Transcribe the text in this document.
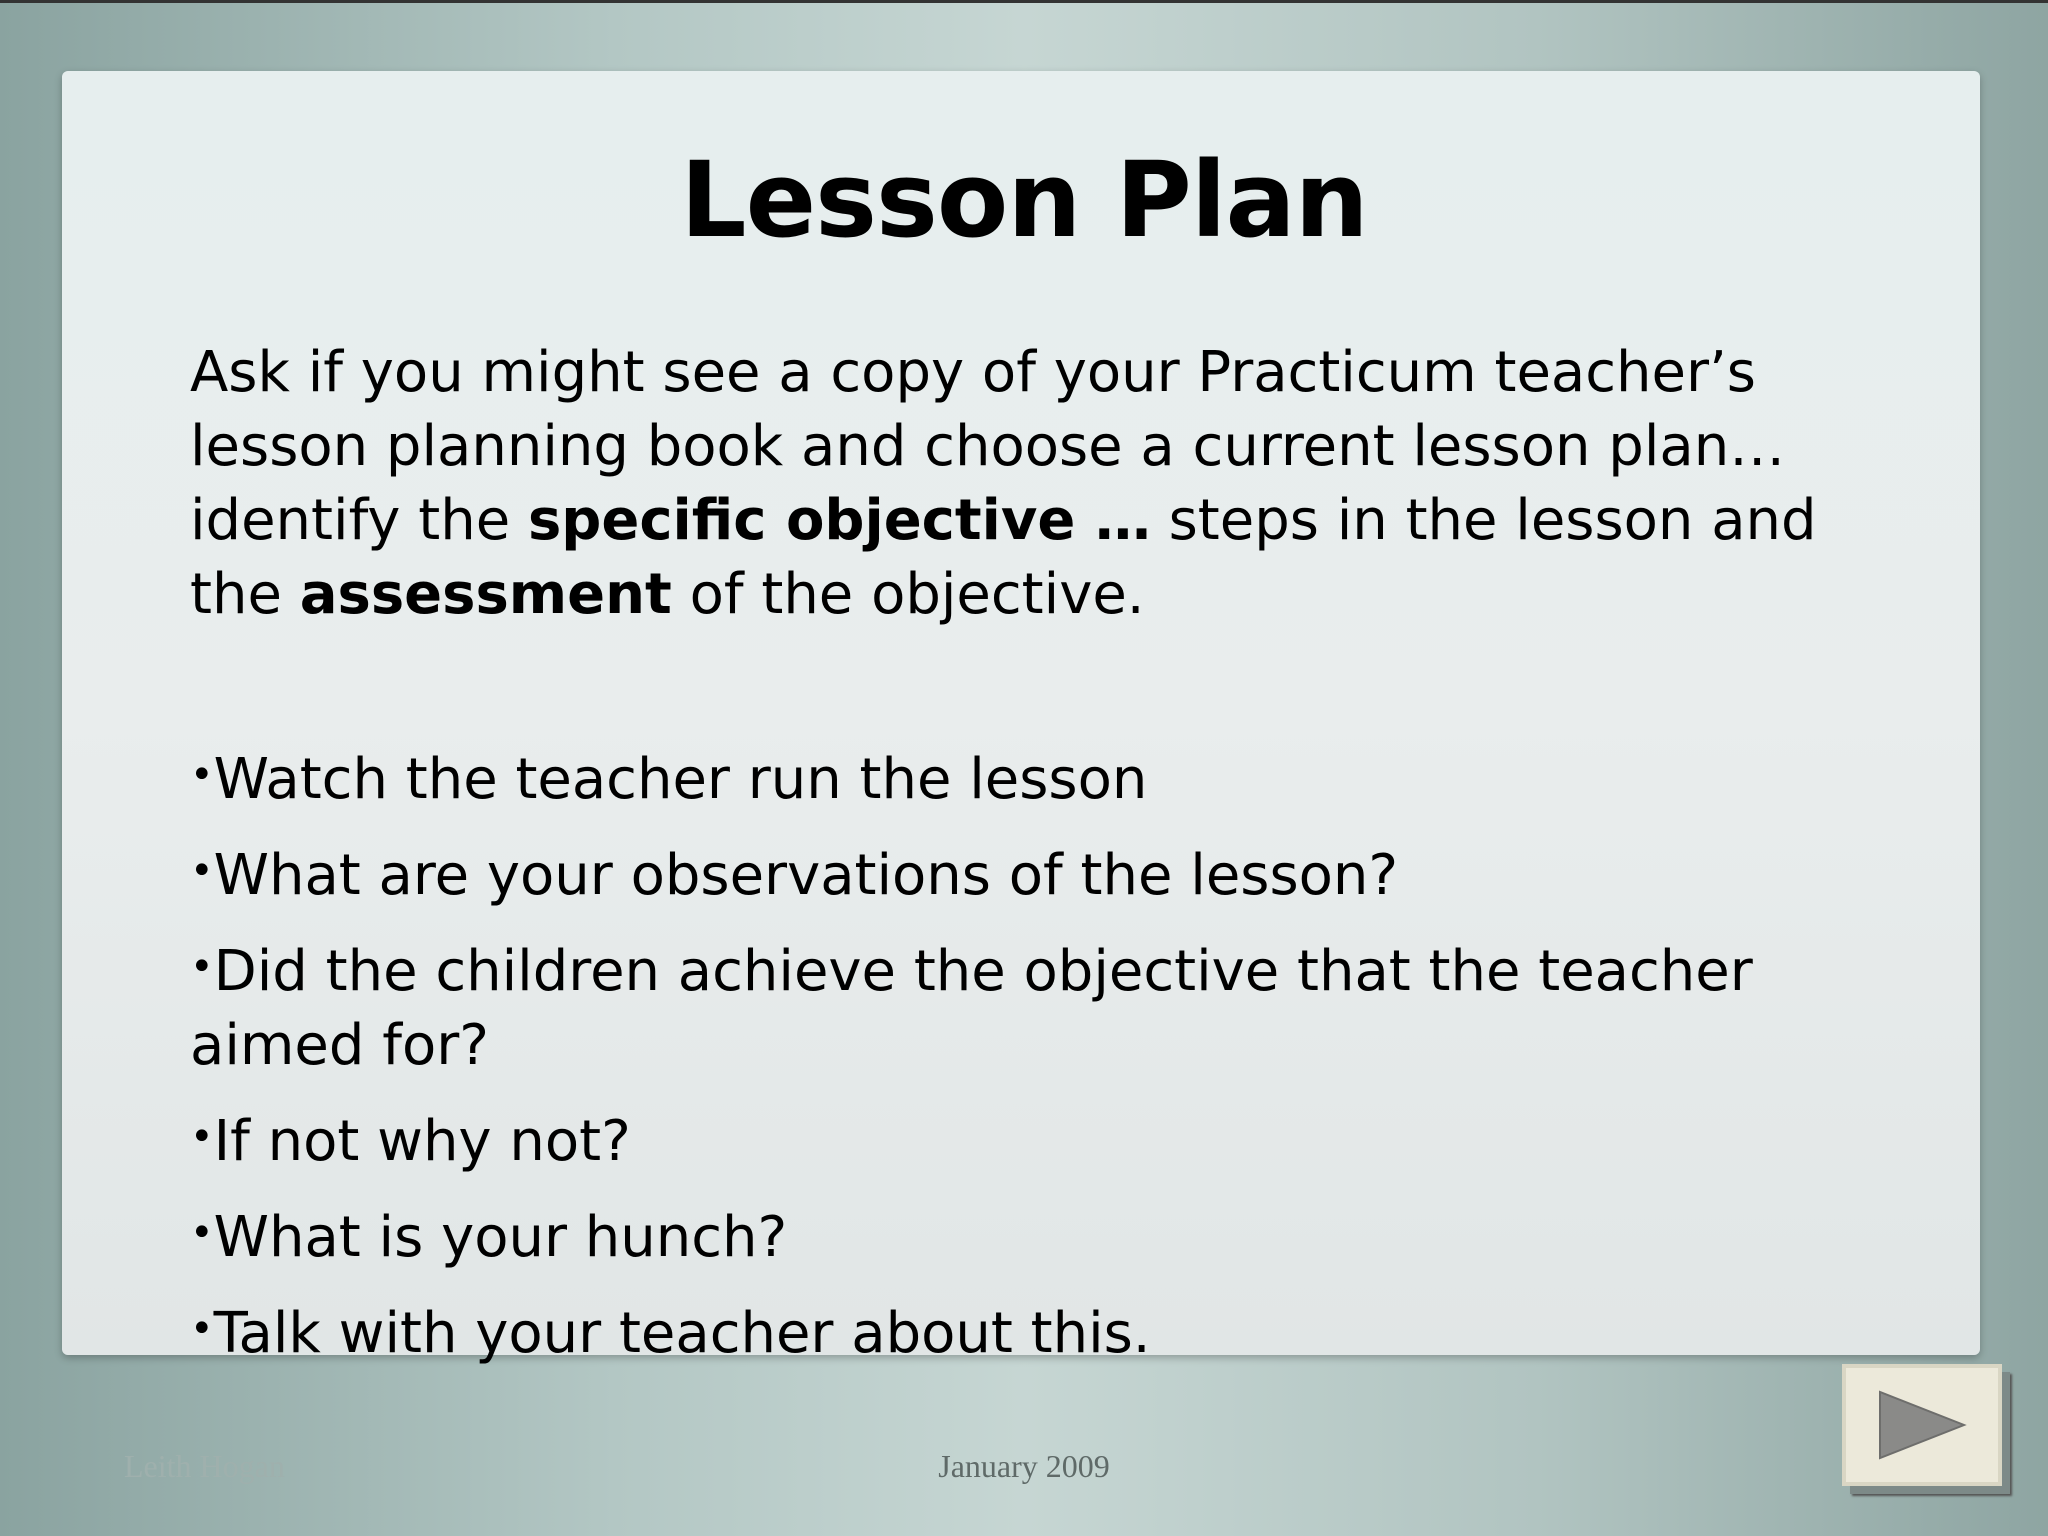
Lesson Plan
Ask if you might see a copy of your Practicum teacher’s lesson planning book and choose a current lesson plan… identify the specific objective … steps in the lesson and the assessment of the objective.
•Watch the teacher run the lesson
•What are your observations of the lesson?
•Did the children achieve the objective that the teacher aimed for?
•If not why not?
•What is your hunch?
•Talk with your teacher about this.
Leith Hogan	January 2009
